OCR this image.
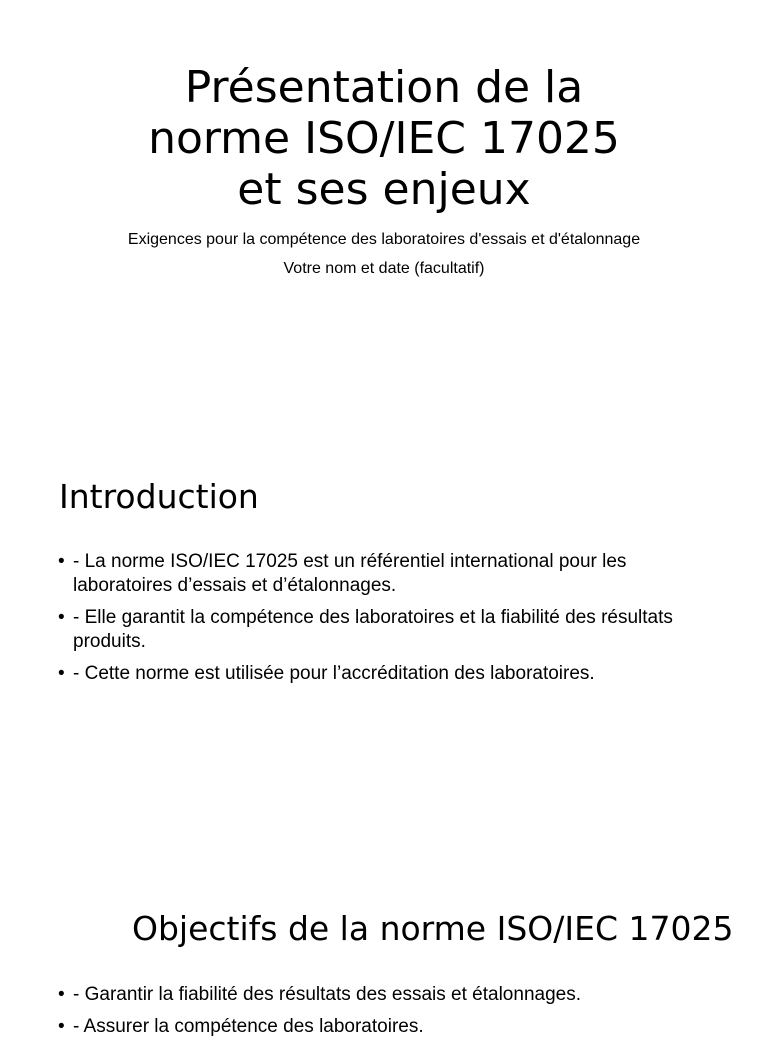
Présentation de la
norme ISO/IEC 17025
et ses enjeux

Exigences pour la compétence des laboratoires d'essais et d'étalonnage

Votre nom et date (facultatif)

Introduction
• - La norme ISO/IEC 17025 est un référentiel international pour les laboratoires d’essais et d’étalonnages.
• - Elle garantit la compétence des laboratoires et la fiabilité des résultats produits.
• - Cette norme est utilisée pour l’accréditation des laboratoires.
Objectifs de la norme ISO/IEC 17025
• - Garantir la fiabilité des résultats des essais et étalonnages.
• - Assurer la compétence des laboratoires.
